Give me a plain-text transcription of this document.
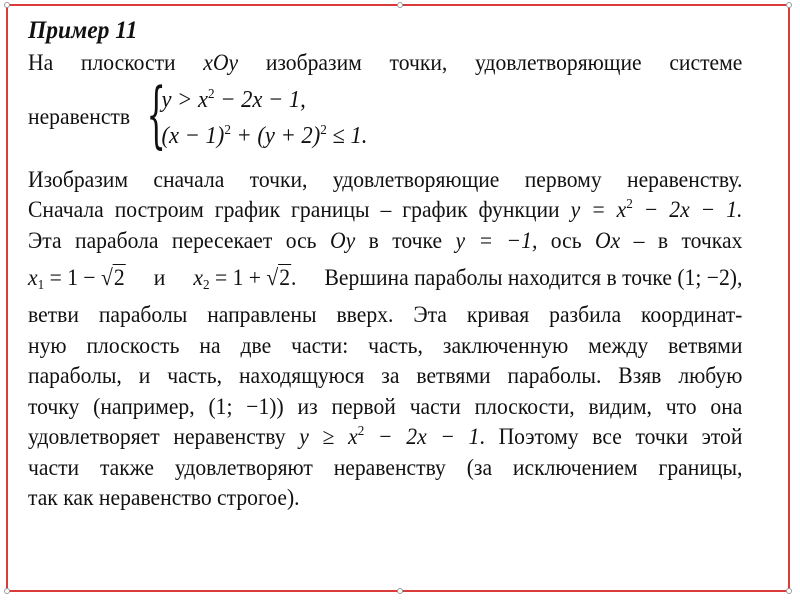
Пример 11
На плоскости xOy изобразим точки, удовлетворяющие системе
неравенств {
$y > x^2 - 2x - 1$,
$(x - 1)^2 + (y + 2)^2 \le 1$.
Изобразим сначала точки, удовлетворяющие первому неравенству.
Сначала построим график границы – график функции $y = x^2 - 2x - 1$.
Эта парабола пересекает ось Oy в точке y = −1, ось Ox – в точках
$x_1 = 1 - √2$ и $x_2 = 1 + √2$. Вершина параболы находится в точке (1; −2),
ветви параболы направлены вверх. Эта кривая разбила координат-
ную плоскость на две части: часть, заключенную между ветвями
параболы, и часть, находящуюся за ветвями параболы. Взяв любую
точку (например, (1; −1)) из первой части плоскости, видим, что она
удовлетворяет неравенству $y \ge x^2 - 2x - 1$. Поэтому все точки этой
части также удовлетворяют неравенству (за исключением границы,
так как неравенство строгое).
